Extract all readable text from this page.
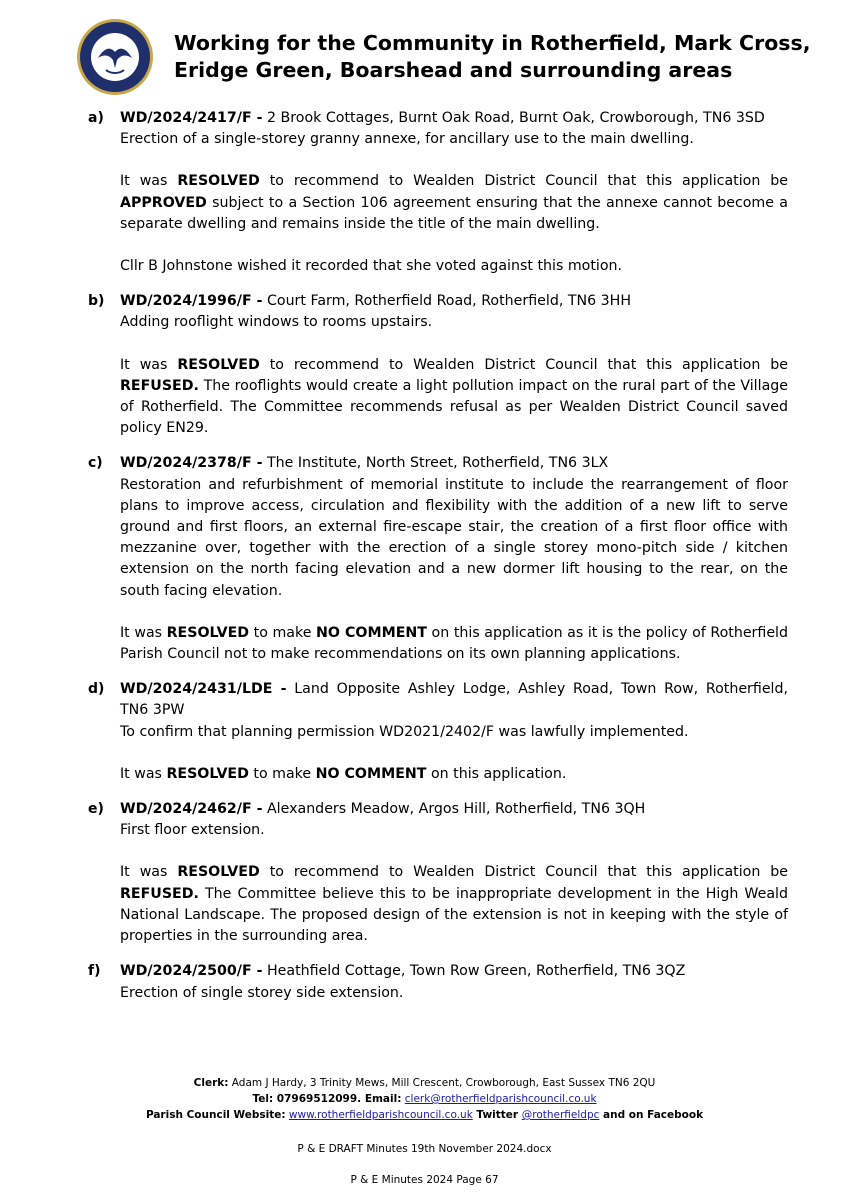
Working for the Community in Rotherfield, Mark Cross,
Eridge Green, Boarshead and surrounding areas
a) WD/2024/2417/F - 2 Brook Cottages, Burnt Oak Road, Burnt Oak, Crowborough, TN6 3SD
Erection of a single-storey granny annexe, for ancillary use to the main dwelling.
It was RESOLVED to recommend to Wealden District Council that this application be APPROVED subject to a Section 106 agreement ensuring that the annexe cannot become a separate dwelling and remains inside the title of the main dwelling.
Cllr B Johnstone wished it recorded that she voted against this motion.
b) WD/2024/1996/F - Court Farm, Rotherfield Road, Rotherfield, TN6 3HH
Adding rooflight windows to rooms upstairs.
It was RESOLVED to recommend to Wealden District Council that this application be REFUSED. The rooflights would create a light pollution impact on the rural part of the Village of Rotherfield. The Committee recommends refusal as per Wealden District Council saved policy EN29.
c) WD/2024/2378/F - The Institute, North Street, Rotherfield, TN6 3LX
Restoration and refurbishment of memorial institute to include the rearrangement of floor plans to improve access, circulation and flexibility with the addition of a new lift to serve ground and first floors, an external fire-escape stair, the creation of a first floor office with mezzanine over, together with the erection of a single storey mono-pitch side / kitchen extension on the north facing elevation and a new dormer lift housing to the rear, on the south facing elevation.
It was RESOLVED to make NO COMMENT on this application as it is the policy of Rotherfield Parish Council not to make recommendations on its own planning applications.
d) WD/2024/2431/LDE - Land Opposite Ashley Lodge, Ashley Road, Town Row, Rotherfield, TN6 3PW
To confirm that planning permission WD2021/2402/F was lawfully implemented.
It was RESOLVED to make NO COMMENT on this application.
e) WD/2024/2462/F - Alexanders Meadow, Argos Hill, Rotherfield, TN6 3QH
First floor extension.
It was RESOLVED to recommend to Wealden District Council that this application be REFUSED. The Committee believe this to be inappropriate development in the High Weald National Landscape. The proposed design of the extension is not in keeping with the style of properties in the surrounding area.
f) WD/2024/2500/F - Heathfield Cottage, Town Row Green, Rotherfield, TN6 3QZ
Erection of single storey side extension.
Clerk: Adam J Hardy, 3 Trinity Mews, Mill Crescent, Crowborough, East Sussex TN6 2QU
Tel: 07969512099. Email: clerk@rotherfieldparishcouncil.co.uk
Parish Council Website: www.rotherfieldparishcouncil.co.uk Twitter @rotherfieldpc and on Facebook
P & E DRAFT Minutes 19th November 2024.docx
P & E Minutes 2024 Page 67
